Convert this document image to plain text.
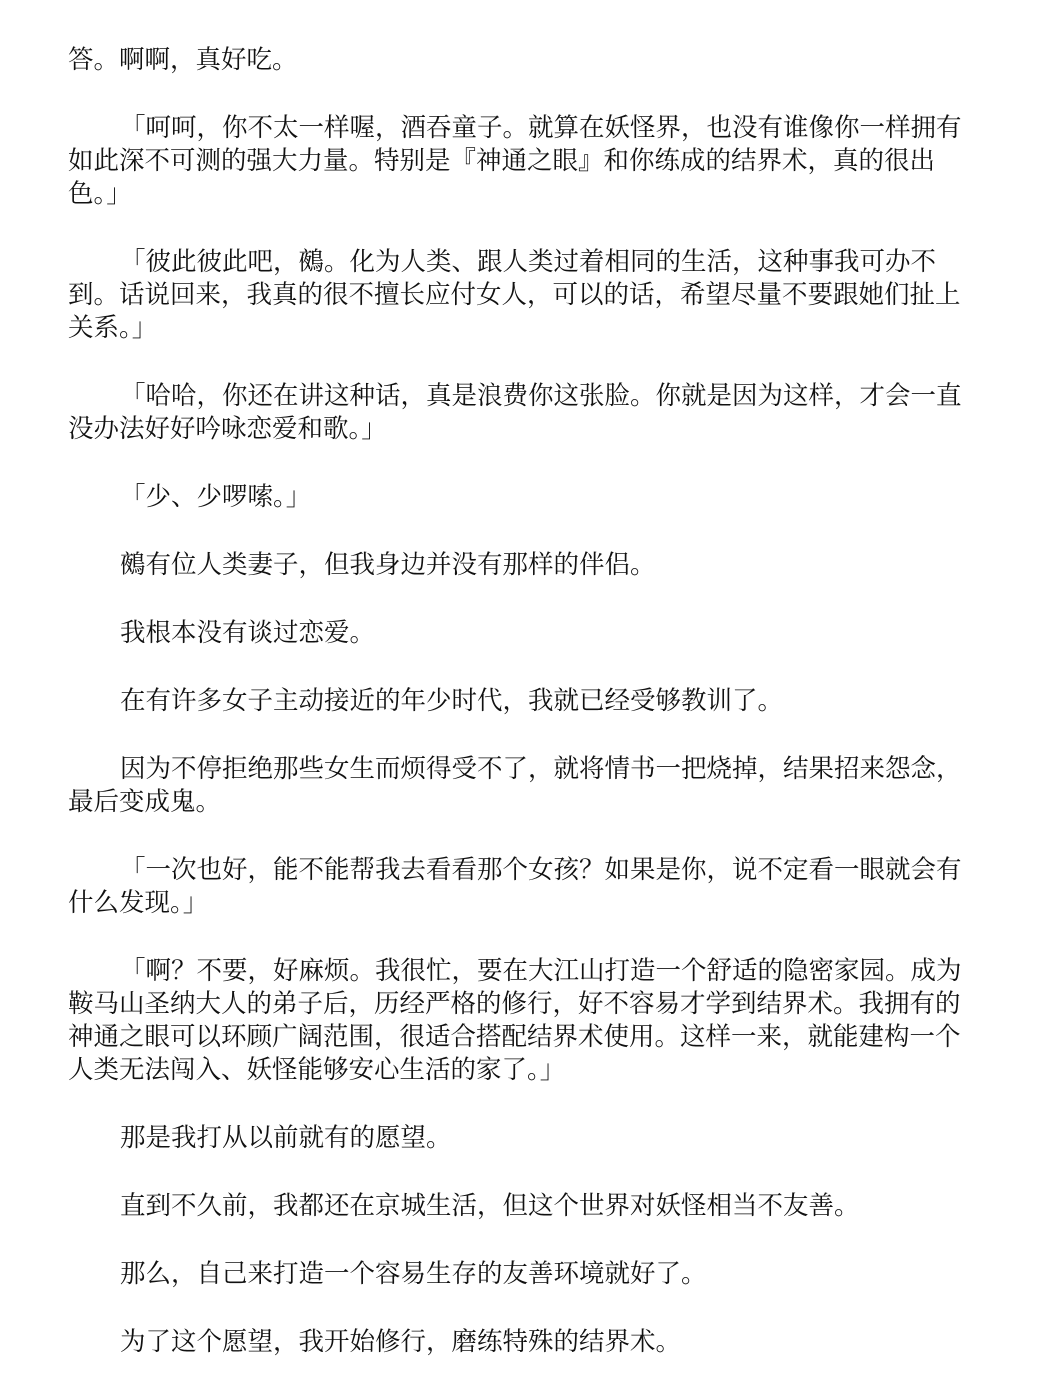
答。啊啊，真好吃。

「呵呵，你不太一样喔，酒吞童子。就算在妖怪界，也没有谁像你一样拥有如此深不可测的强大力量。特别是『神通之眼』和你练成的结界术，真的很出色。」

「彼此彼此吧，鵺。化为人类、跟人类过着相同的生活，这种事我可办不到。话说回来，我真的很不擅长应付女人，可以的话，希望尽量不要跟她们扯上关系。」

「哈哈，你还在讲这种话，真是浪费你这张脸。你就是因为这样，才会一直没办法好好吟咏恋爱和歌。」

「少、少啰嗦。」

鵺有位人类妻子，但我身边并没有那样的伴侣。

我根本没有谈过恋爱。

在有许多女子主动接近的年少时代，我就已经受够教训了。

因为不停拒绝那些女生而烦得受不了，就将情书一把烧掉，结果招来怨念，最后变成鬼。

「一次也好，能不能帮我去看看那个女孩？如果是你，说不定看一眼就会有什么发现。」

「啊？不要，好麻烦。我很忙，要在大江山打造一个舒适的隐密家园。成为鞍马山圣纳大人的弟子后，历经严格的修行，好不容易才学到结界术。我拥有的神通之眼可以环顾广阔范围，很适合搭配结界术使用。这样一来，就能建构一个人类无法闯入、妖怪能够安心生活的家了。」

那是我打从以前就有的愿望。

直到不久前，我都还在京城生活，但这个世界对妖怪相当不友善。

那么，自己来打造一个容易生存的友善环境就好了。

为了这个愿望，我开始修行，磨练特殊的结界术。
